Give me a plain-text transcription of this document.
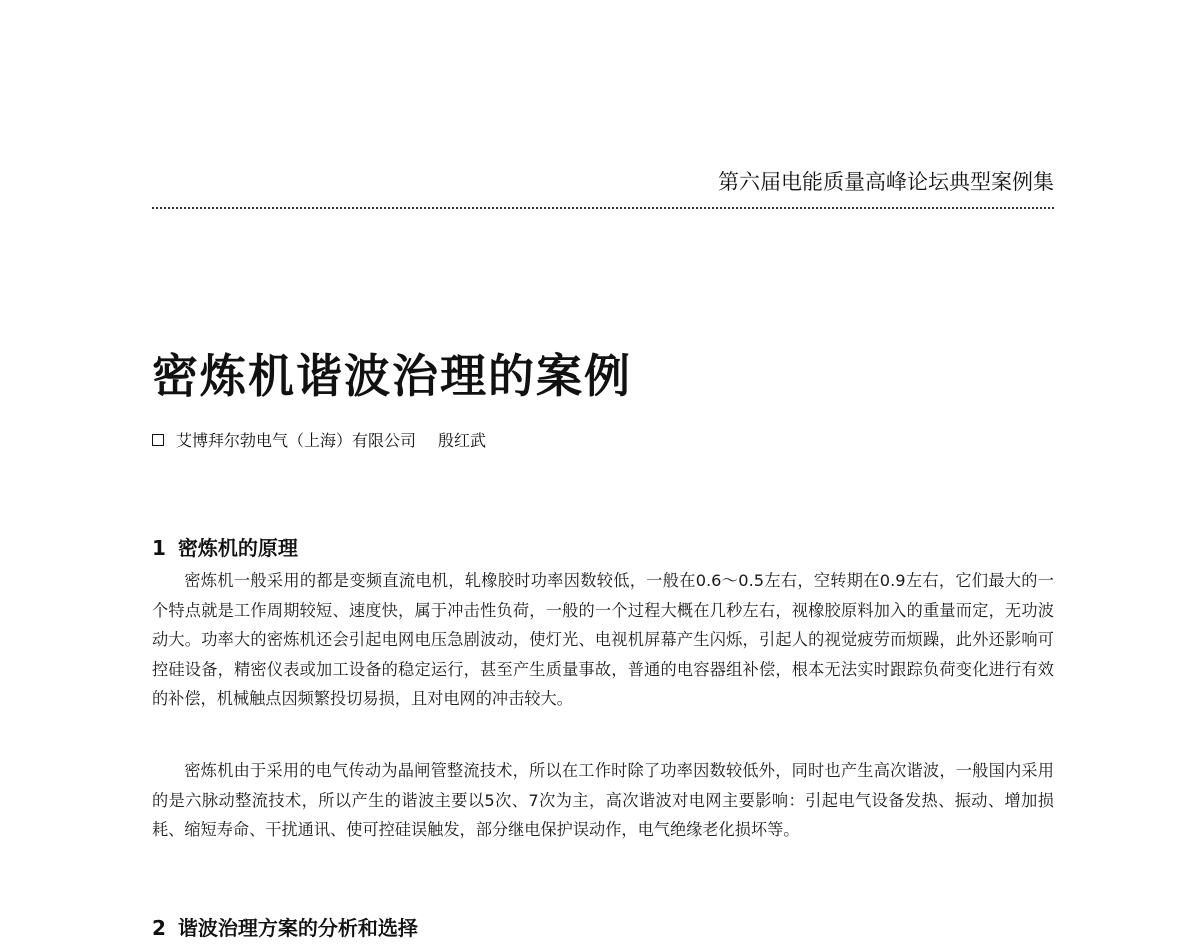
第六届电能质量高峰论坛典型案例集
密炼机谐波治理的案例
艾博拜尔勃电气（上海）有限公司 殷红武
1 密炼机的原理

密炼机一般采用的都是变频直流电机，轧橡胶时功率因数较低，一般在0.6～0.5左右，空转期在0.9左右，它们最大的一个特点就是工作周期较短、速度快，属于冲击性负荷，一般的一个过程大概在几秒左右，视橡胶原料加入的重量而定，无功波动大。功率大的密炼机还会引起电网电压急剧波动，使灯光、电视机屏幕产生闪烁，引起人的视觉疲劳而烦躁，此外还影响可控硅设备，精密仪表或加工设备的稳定运行，甚至产生质量事故，普通的电容器组补偿，根本无法实时跟踪负荷变化进行有效的补偿，机械触点因频繁投切易损，且对电网的冲击较大。

密炼机由于采用的电气传动为晶闸管整流技术，所以在工作时除了功率因数较低外，同时也产生高次谐波，一般国内采用的是六脉动整流技术，所以产生的谐波主要以5次、7次为主，高次谐波对电网主要影响：引起电气设备发热、振动、增加损耗、缩短寿命、干扰通讯、使可控硅误触发，部分继电保护误动作，电气绝缘老化损坏等。

2 谐波治理方案的分析和选择
